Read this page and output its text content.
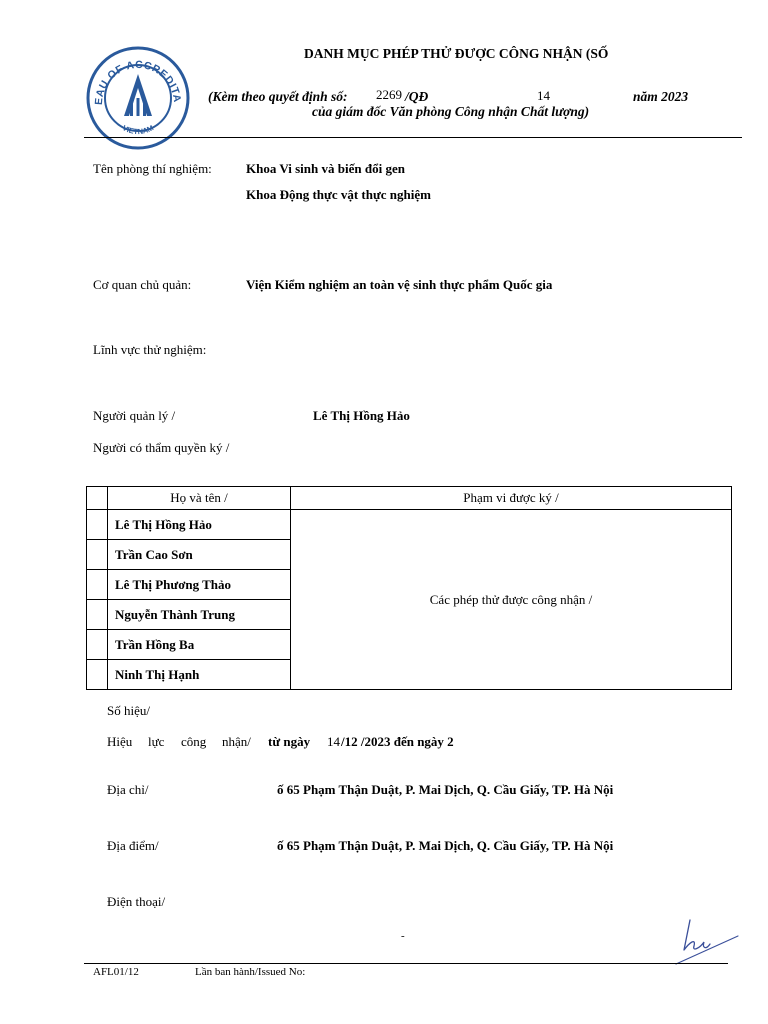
EAU OF ACCREDITA
VIETNAM
DANH MỤC PHÉP THỬ ĐƯỢC CÔNG NHẬN (SỐ
(Kèm theo quyết định số: 2269 /QĐ	14	năm 2023
của giám đốc Văn phòng Công nhận Chất lượng)
Tên phòng thí nghiệm:	Khoa Vi sinh và biến đổi gen
Khoa Động thực vật thực nghiệm
Cơ quan chủ quản:	Viện Kiểm nghiệm an toàn vệ sinh thực phẩm Quốc gia
Lĩnh vực thử nghiệm:
Người quản lý /	Lê Thị Hồng Hảo
Người có thẩm quyền ký /
	Họ và tên /	Phạm vi được ký /
	Lê Thị Hồng Hảo	Các phép thử được công nhận /
	Trần Cao Sơn	
	Lê Thị Phương Thảo	
	Nguyễn Thành Trung	
	Trần Hồng Ba	
	Ninh Thị Hạnh	
Số hiệu/
Hiệu lực công nhận/ từ ngày 14 /12 /2023 đến ngày 2
Địa chỉ/	ố 65 Phạm Thận Duật, P. Mai Dịch, Q. Cầu Giấy, TP. Hà Nội
Địa điểm/	ố 65 Phạm Thận Duật, P. Mai Dịch, Q. Cầu Giấy, TP. Hà Nội
Điện thoại/
-
AFL01/12	Lần ban hành/Issued No:
